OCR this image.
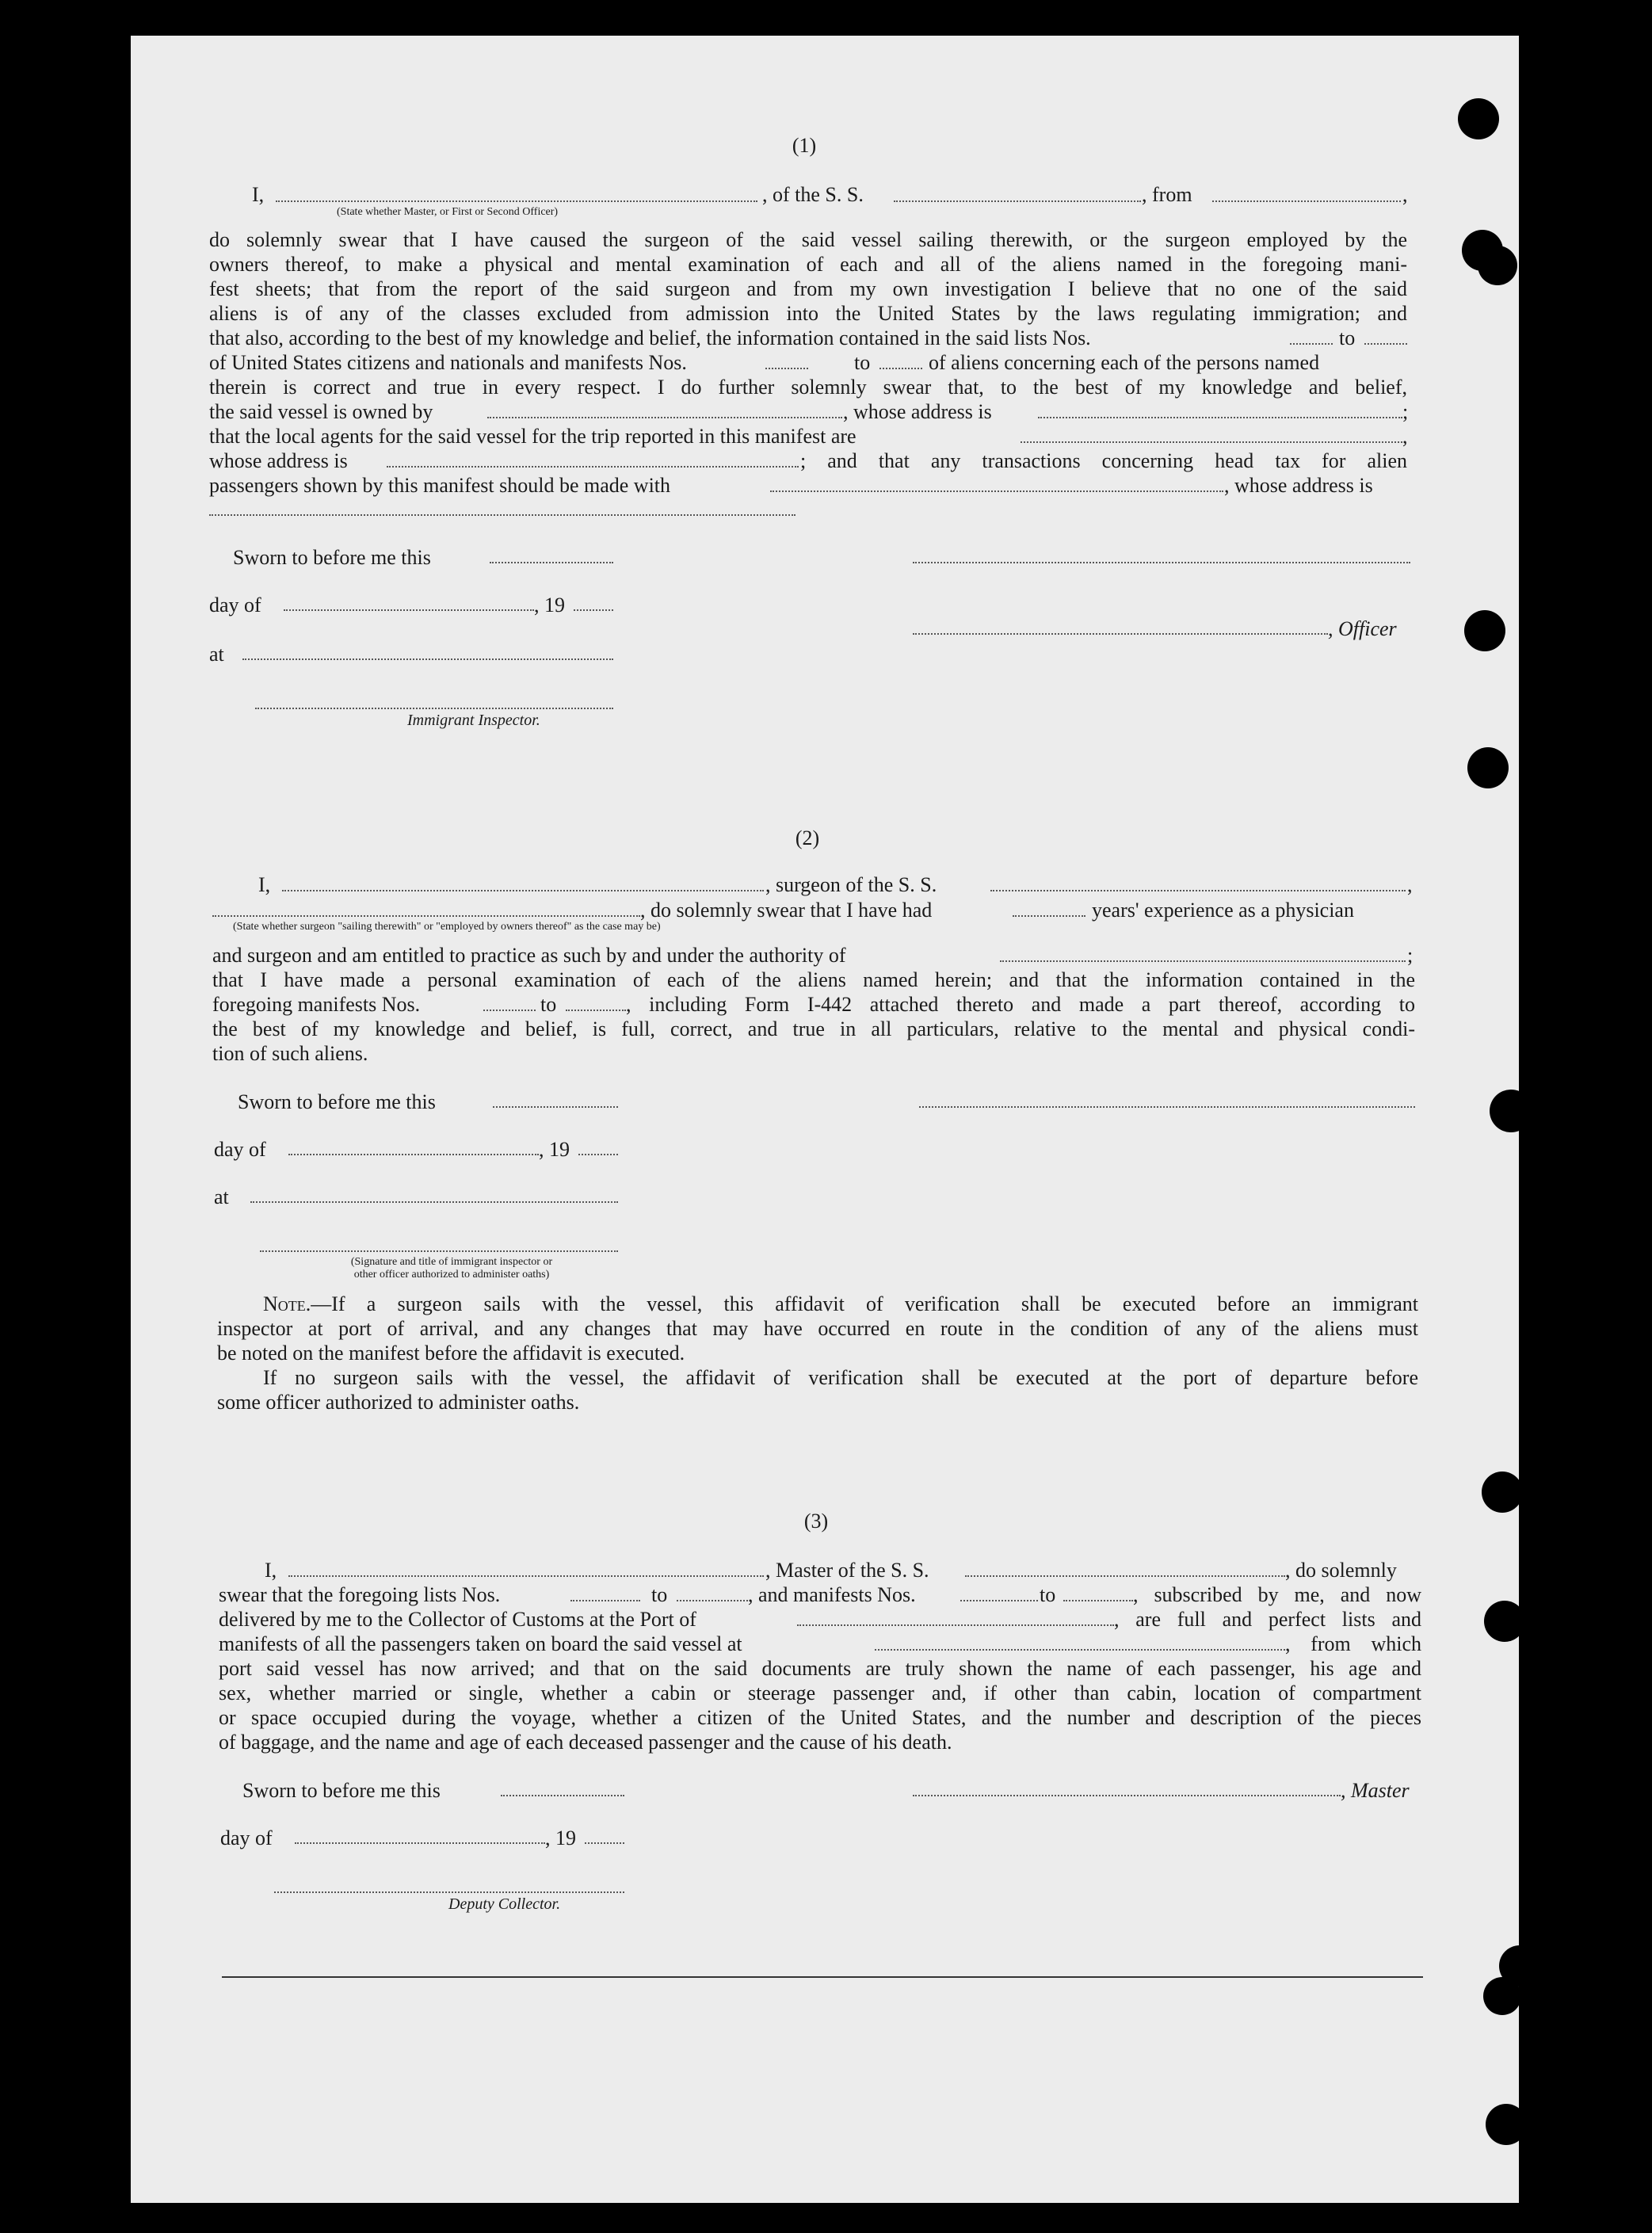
(1)
I,	, of the S. S.	, from	,
(State whether Master, or First or Second Officer)
do solemnly swear that I have caused the surgeon of the said vessel sailing therewith, or the surgeon employed by the
owners thereof, to make a physical and mental examination of each and all of the aliens named in the foregoing mani-
fest sheets; that from the report of the said surgeon and from my own investigation I believe that no one of the said
aliens is of any of the classes excluded from admission into the United States by the laws regulating immigration; and
that also, according to the best of my knowledge and belief, the information contained in the said lists Nos.	to
of United States citizens and nationals and manifests Nos.	to	of aliens concerning each of the persons named
therein is correct and true in every respect. I do further solemnly swear that, to the best of my knowledge and belief,
the said vessel is owned by	, whose address is	;
that the local agents for the said vessel for the trip reported in this manifest are	,
whose address is	; and that any transactions concerning head tax for alien
passengers shown by this manifest should be made with	, whose address is
Sworn to before me this
day of	, 19
, Officer
at
Immigrant Inspector.
(2)
I,	, surgeon of the S. S.	,
, do solemnly swear that I have had	years' experience as a physician
(State whether surgeon "sailing therewith" or "employed by owners thereof" as the case may be)
and surgeon and am entitled to practice as such by and under the authority of	;
that I have made a personal examination of each of the aliens named herein; and that the information contained in the
foregoing manifests Nos.	to	, including Form I-442 attached thereto and made a part thereof, according to
the best of my knowledge and belief, is full, correct, and true in all particulars, relative to the mental and physical condi-
tion of such aliens.
Sworn to before me this
day of	, 19
at
(Signature and title of immigrant inspector or
other officer authorized to administer oaths)
Note.—If a surgeon sails with the vessel, this affidavit of verification shall be executed before an immigrant
inspector at port of arrival, and any changes that may have occurred en route in the condition of any of the aliens must
be noted on the manifest before the affidavit is executed.
If no surgeon sails with the vessel, the affidavit of verification shall be executed at the port of departure before
some officer authorized to administer oaths.
(3)
I,	, Master of the S. S.	, do solemnly
swear that the foregoing lists Nos.	to	, and manifests Nos.	to	, subscribed by me, and now
delivered by me to the Collector of Customs at the Port of	, are full and perfect lists and
manifests of all the passengers taken on board the said vessel at	, from which
port said vessel has now arrived; and that on the said documents are truly shown the name of each passenger, his age and
sex, whether married or single, whether a cabin or steerage passenger and, if other than cabin, location of compartment
or space occupied during the voyage, whether a citizen of the United States, and the number and description of the pieces
of baggage, and the name and age of each deceased passenger and the cause of his death.
Sworn to before me this	, Master
day of	, 19
Deputy Collector.
